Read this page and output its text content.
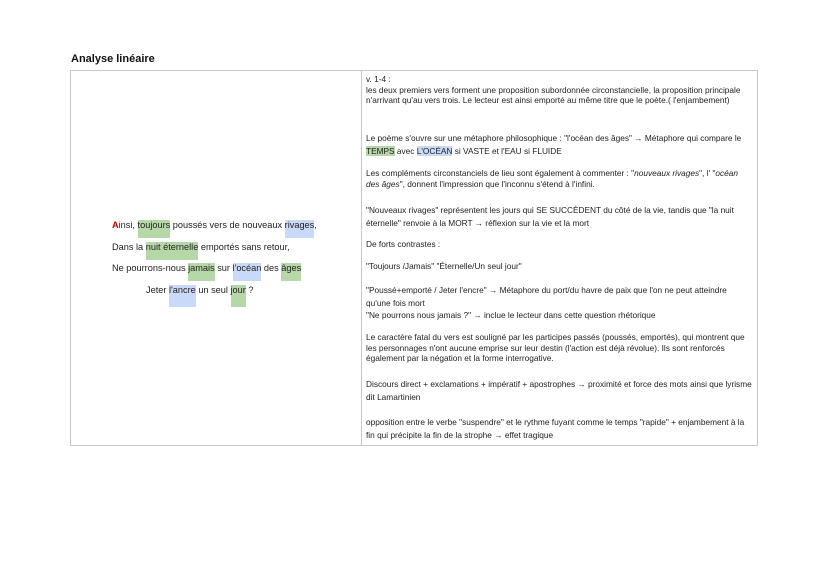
Analyse linéaire
Ainsi, toujours poussés vers de nouveaux rivages,
Dans la nuit éternelle emportés sans retour,
Ne pourrons-nous jamais sur l'océan des âges
Jeter l'ancre un seul jour ?

v. 1-4 :

les deux premiers vers forment une proposition subordonnée circonstancielle, la proposition principale n'arrivant qu'au vers trois. Le lecteur est ainsi emporté au même titre que le poète.( l'enjambement)

Le poème s'ouvre sur une métaphore philosophique : "l'océan des âges" → Métaphore qui compare le TEMPS avec L'OCÉAN si VASTE et l'EAU si FLUIDE

Les compléments circonstanciels de lieu sont également à commenter : "nouveaux rivages", l' "océan des âges", donnent l'impression que l'inconnu s'étend à l'infini.

"Nouveaux rivages" représentent les jours qui SE SUCCÈDENT du côté de la vie, tandis que "la nuit éternelle" renvoie à la MORT → réflexion sur la vie et la mort

De forts contrastes :

"Toujours /Jamais" "Éternelle/Un seul jour"

"Poussé+emporté / Jeter l'encre" → Métaphore du port/du havre de paix que l'on ne peut atteindre qu'une fois mort

"Ne pourrons nous jamais ?" → inclue le lecteur dans cette question rhétorique

Le caractère fatal du vers est souligné par les participes passés (poussés, emportés), qui montrent que les personnages n'ont aucune emprise sur leur destin (l'action est déjà révolue). Ils sont renforcés également par la négation et la forme interrogative.

Discours direct + exclamations + impératif + apostrophes → proximité et force des mots ainsi que lyrisme dit Lamartinien

opposition entre le verbe "suspendre" et le rythme fuyant comme le temps "rapide" + enjambement à la fin qui précipite la fin de la strophe → effet tragique
